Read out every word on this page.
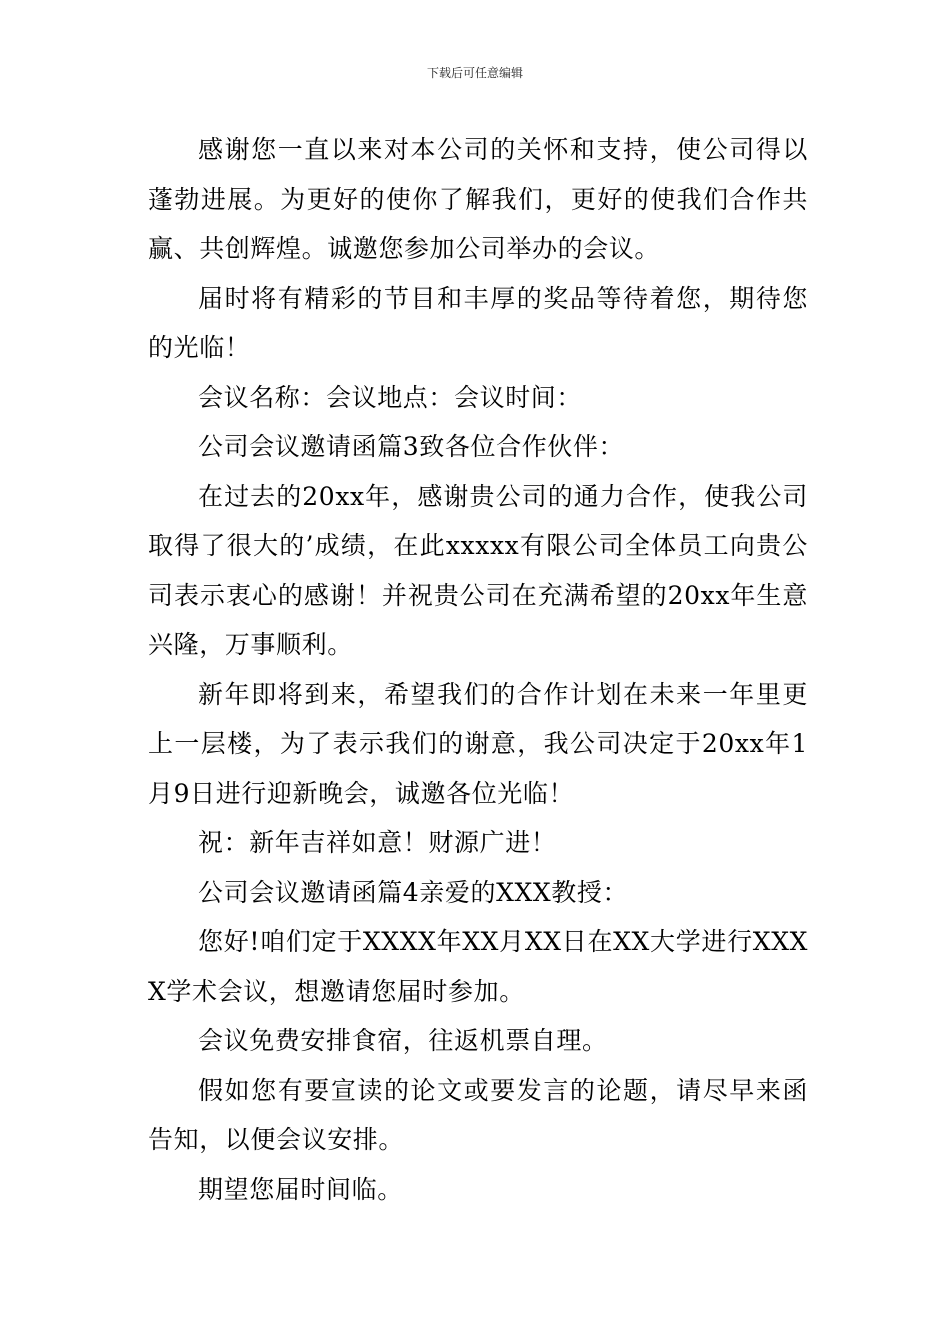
下载后可任意编辑

感谢您一直以来对本公司的关怀和支持，使公司得以蓬勃进展。为更好的使你了解我们，更好的使我们合作共赢、共创辉煌。诚邀您参加公司举办的会议。

届时将有精彩的节目和丰厚的奖品等待着您，期待您的光临！

会议名称：会议地点：会议时间：

公司会议邀请函篇3致各位合作伙伴：

在过去的20xx年，感谢贵公司的通力合作，使我公司取得了很大的’成绩，在此xxxxx有限公司全体员工向贵公司表示衷心的感谢！并祝贵公司在充满希望的20xx年生意兴隆，万事顺利。

新年即将到来，希望我们的合作计划在未来一年里更上一层楼，为了表示我们的谢意，我公司决定于20xx年1月9日进行迎新晚会，诚邀各位光临！

祝：新年吉祥如意！财源广进！

公司会议邀请函篇4亲爱的XXX教授：

您好!咱们定于XXXX年XX月XX日在XX大学进行XXXX学术会议，想邀请您届时参加。

会议免费安排食宿，往返机票自理。

假如您有要宣读的论文或要发言的论题，请尽早来函告知，以便会议安排。

期望您届时间临。
